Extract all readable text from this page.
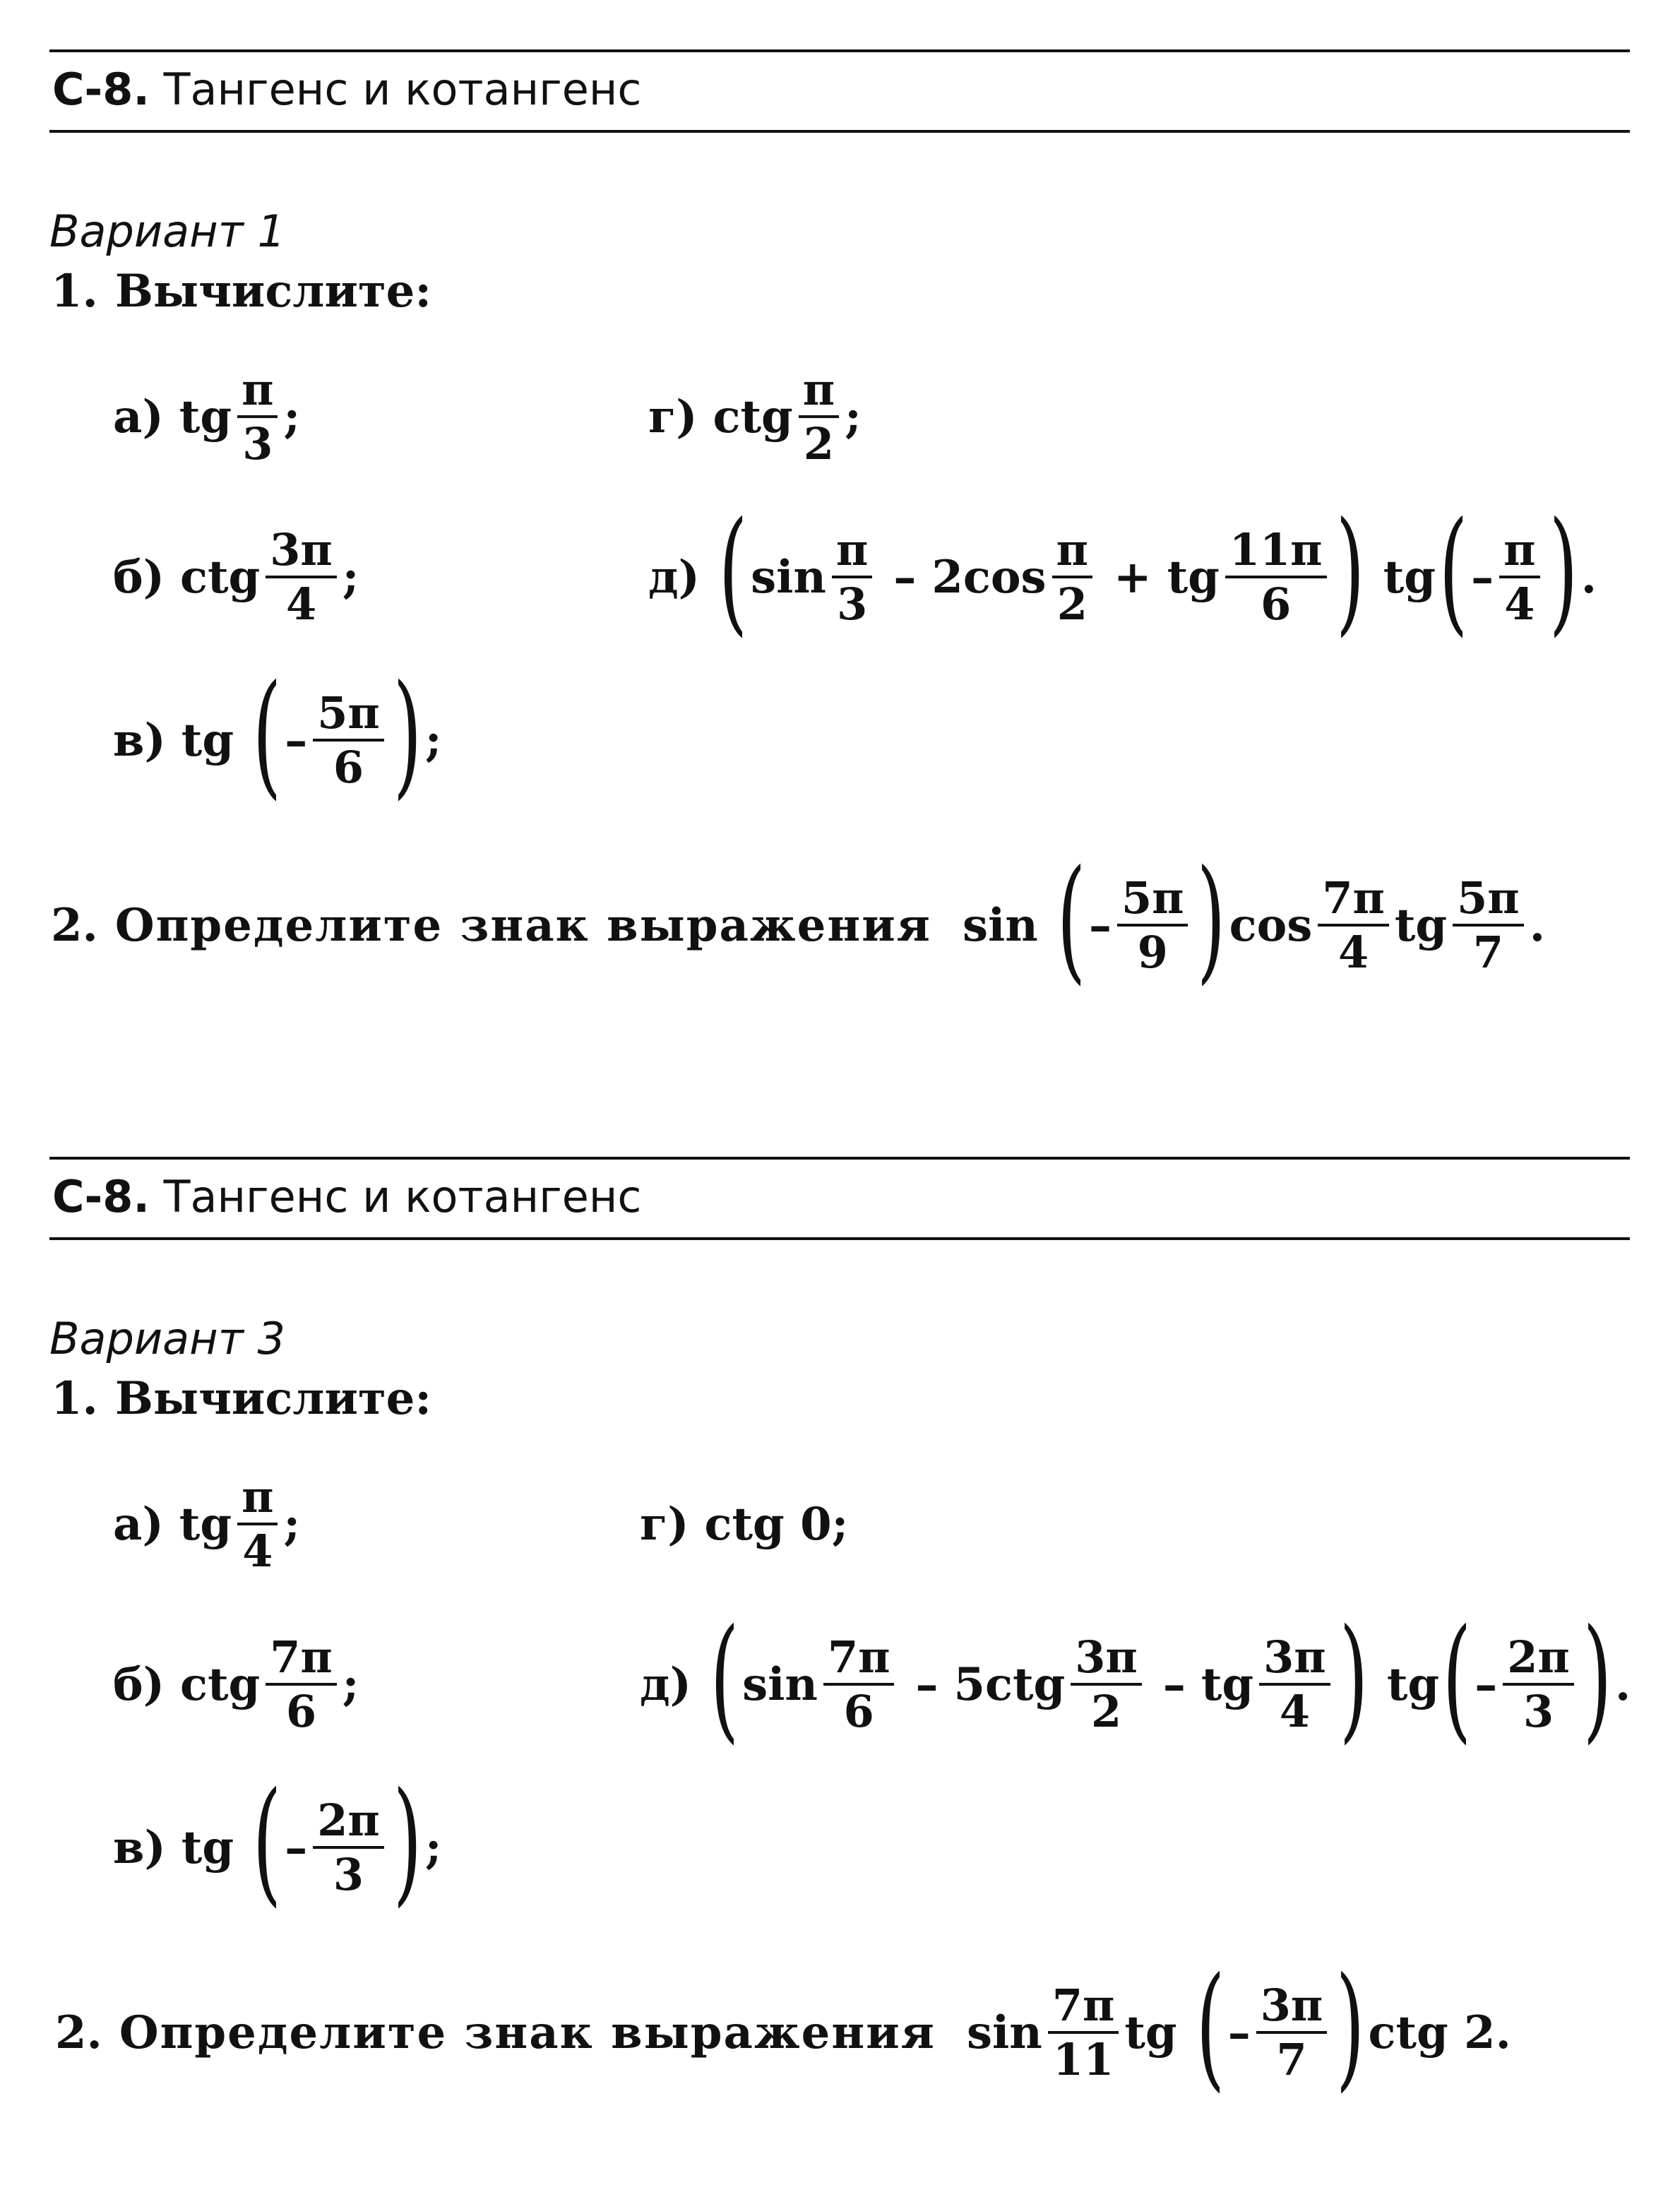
С-8. Тангенс и котангенс
Вариант 1
1. Вычислите:
а) tg $\frac{\pi}{3}$ ;	г) ctg $\frac{\pi}{2}$ ;
б) ctg $\frac{3\pi}{4}$ ;	д) ( $\sin \frac{\pi}{3} - 2$ $\cos \frac{\pi}{2}$ + tg $\frac{11\pi}{6}$ ) tg ( – $\frac{\pi}{4}$ ) .
в) tg ( – $\frac{5\pi}{6}$ ) ;
2. Определите знак выражения sin ( – $\frac{5\pi}{9}$ ) $\cos \frac{7\pi}{4}$ tg $\frac{5\pi}{7}$ .
С-8. Тангенс и котангенс
Вариант 3
1. Вычислите:
а) tg $\frac{\pi}{4}$ ;	г) ctg 0;
б) ctg $\frac{7\pi}{6}$ ;	д) ( $\sin \frac{7\pi}{6} - 5$ ctg $\frac{3\pi}{2}$ – tg $\frac{3\pi}{4}$ ) tg ( – $\frac{2\pi}{3}$ ) .
в) tg ( – $\frac{2\pi}{3}$ ) ;
2. Определите знак выражения $\sin \frac{7\pi}{11}$ tg ( – $\frac{3\pi}{7}$ ) ctg 2 .
